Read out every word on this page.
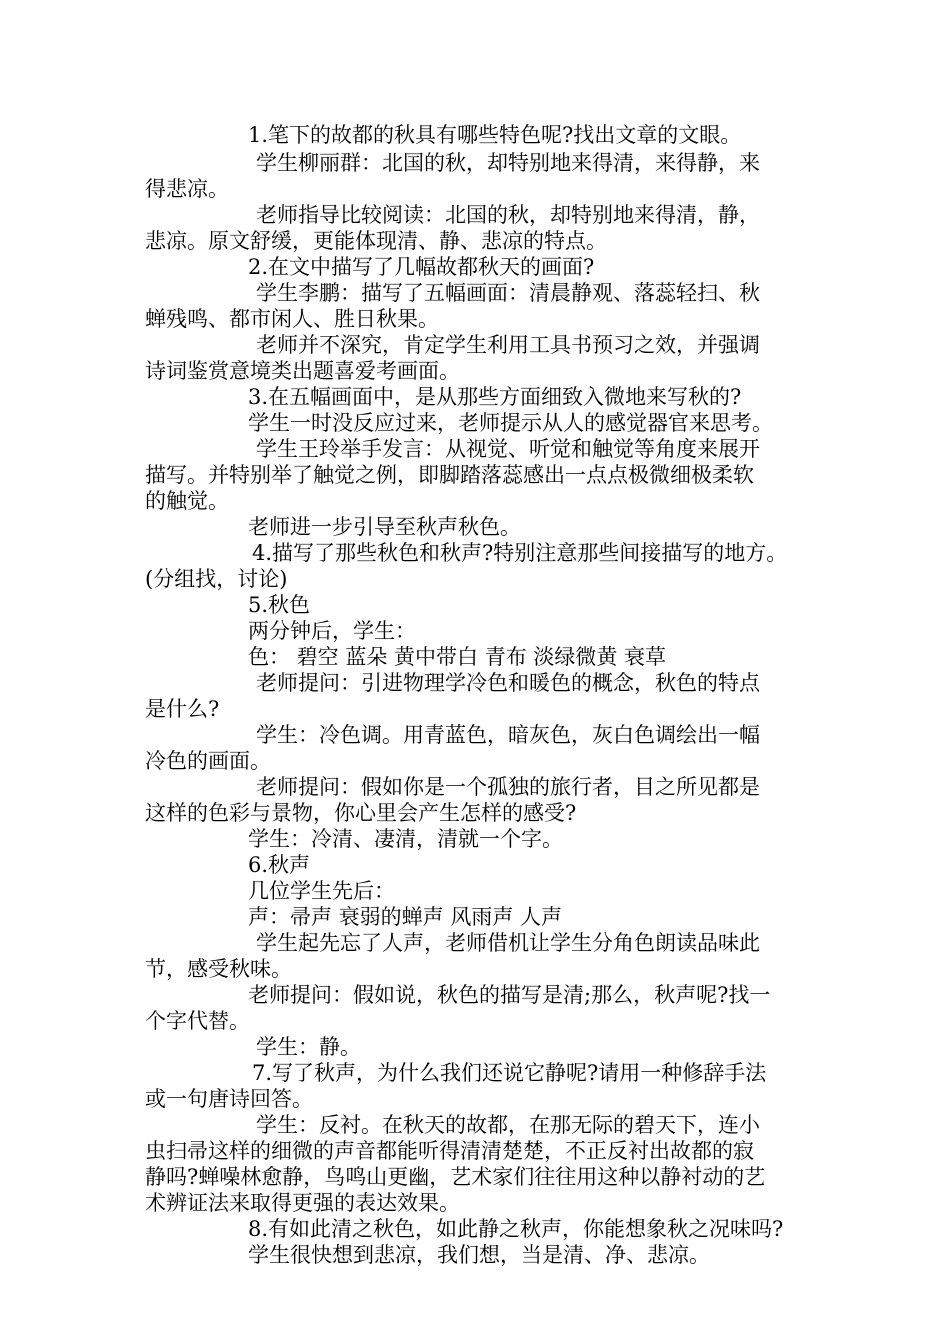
1.笔下的故都的秋具有哪些特色呢?找出文章的文眼。
学生柳丽群：北国的秋，却特别地来得清，来得静，来
得悲凉。
老师指导比较阅读：北国的秋，却特别地来得清，静，
悲凉。原文舒缓，更能体现清、静、悲凉的特点。
2.在文中描写了几幅故都秋天的画面?
学生李鹏：描写了五幅画面：清晨静观、落蕊轻扫、秋
蝉残鸣、都市闲人、胜日秋果。
老师并不深究，肯定学生利用工具书预习之效，并强调
诗词鉴赏意境类出题喜爱考画面。
3.在五幅画面中，是从那些方面细致入微地来写秋的?
学生一时没反应过来，老师提示从人的感觉器官来思考。
学生王玲举手发言：从视觉、听觉和触觉等角度来展开
描写。并特别举了触觉之例，即脚踏落蕊感出一点点极微细极柔软
的触觉。
老师进一步引导至秋声秋色。
4.描写了那些秋色和秋声?特别注意那些间接描写的地方。
(分组找，讨论)
5.秋色
两分钟后，学生：
色： 碧空 蓝朵 黄中带白 青布 淡绿微黄 衰草
老师提问：引进物理学冷色和暖色的概念，秋色的特点
是什么?
学生：冷色调。用青蓝色，暗灰色，灰白色调绘出一幅
冷色的画面。
老师提问：假如你是一个孤独的旅行者，目之所见都是
这样的色彩与景物，你心里会产生怎样的感受?
学生：冷清、凄清，清就一个字。
6.秋声
几位学生先后：
声：帚声 衰弱的蝉声 风雨声 人声
学生起先忘了人声，老师借机让学生分角色朗读品味此
节，感受秋味。
老师提问：假如说，秋色的描写是清;那么，秋声呢?找一
个字代替。
学生：静。
7.写了秋声，为什么我们还说它静呢?请用一种修辞手法
或一句唐诗回答。
学生：反衬。在秋天的故都，在那无际的碧天下，连小
虫扫帚这样的细微的声音都能听得清清楚楚，不正反衬出故都的寂
静吗?蝉噪林愈静，鸟鸣山更幽，艺术家们往往用这种以静衬动的艺
术辨证法来取得更强的表达效果。
8.有如此清之秋色，如此静之秋声，你能想象秋之况味吗?
学生很快想到悲凉，我们想，当是清、净、悲凉。
